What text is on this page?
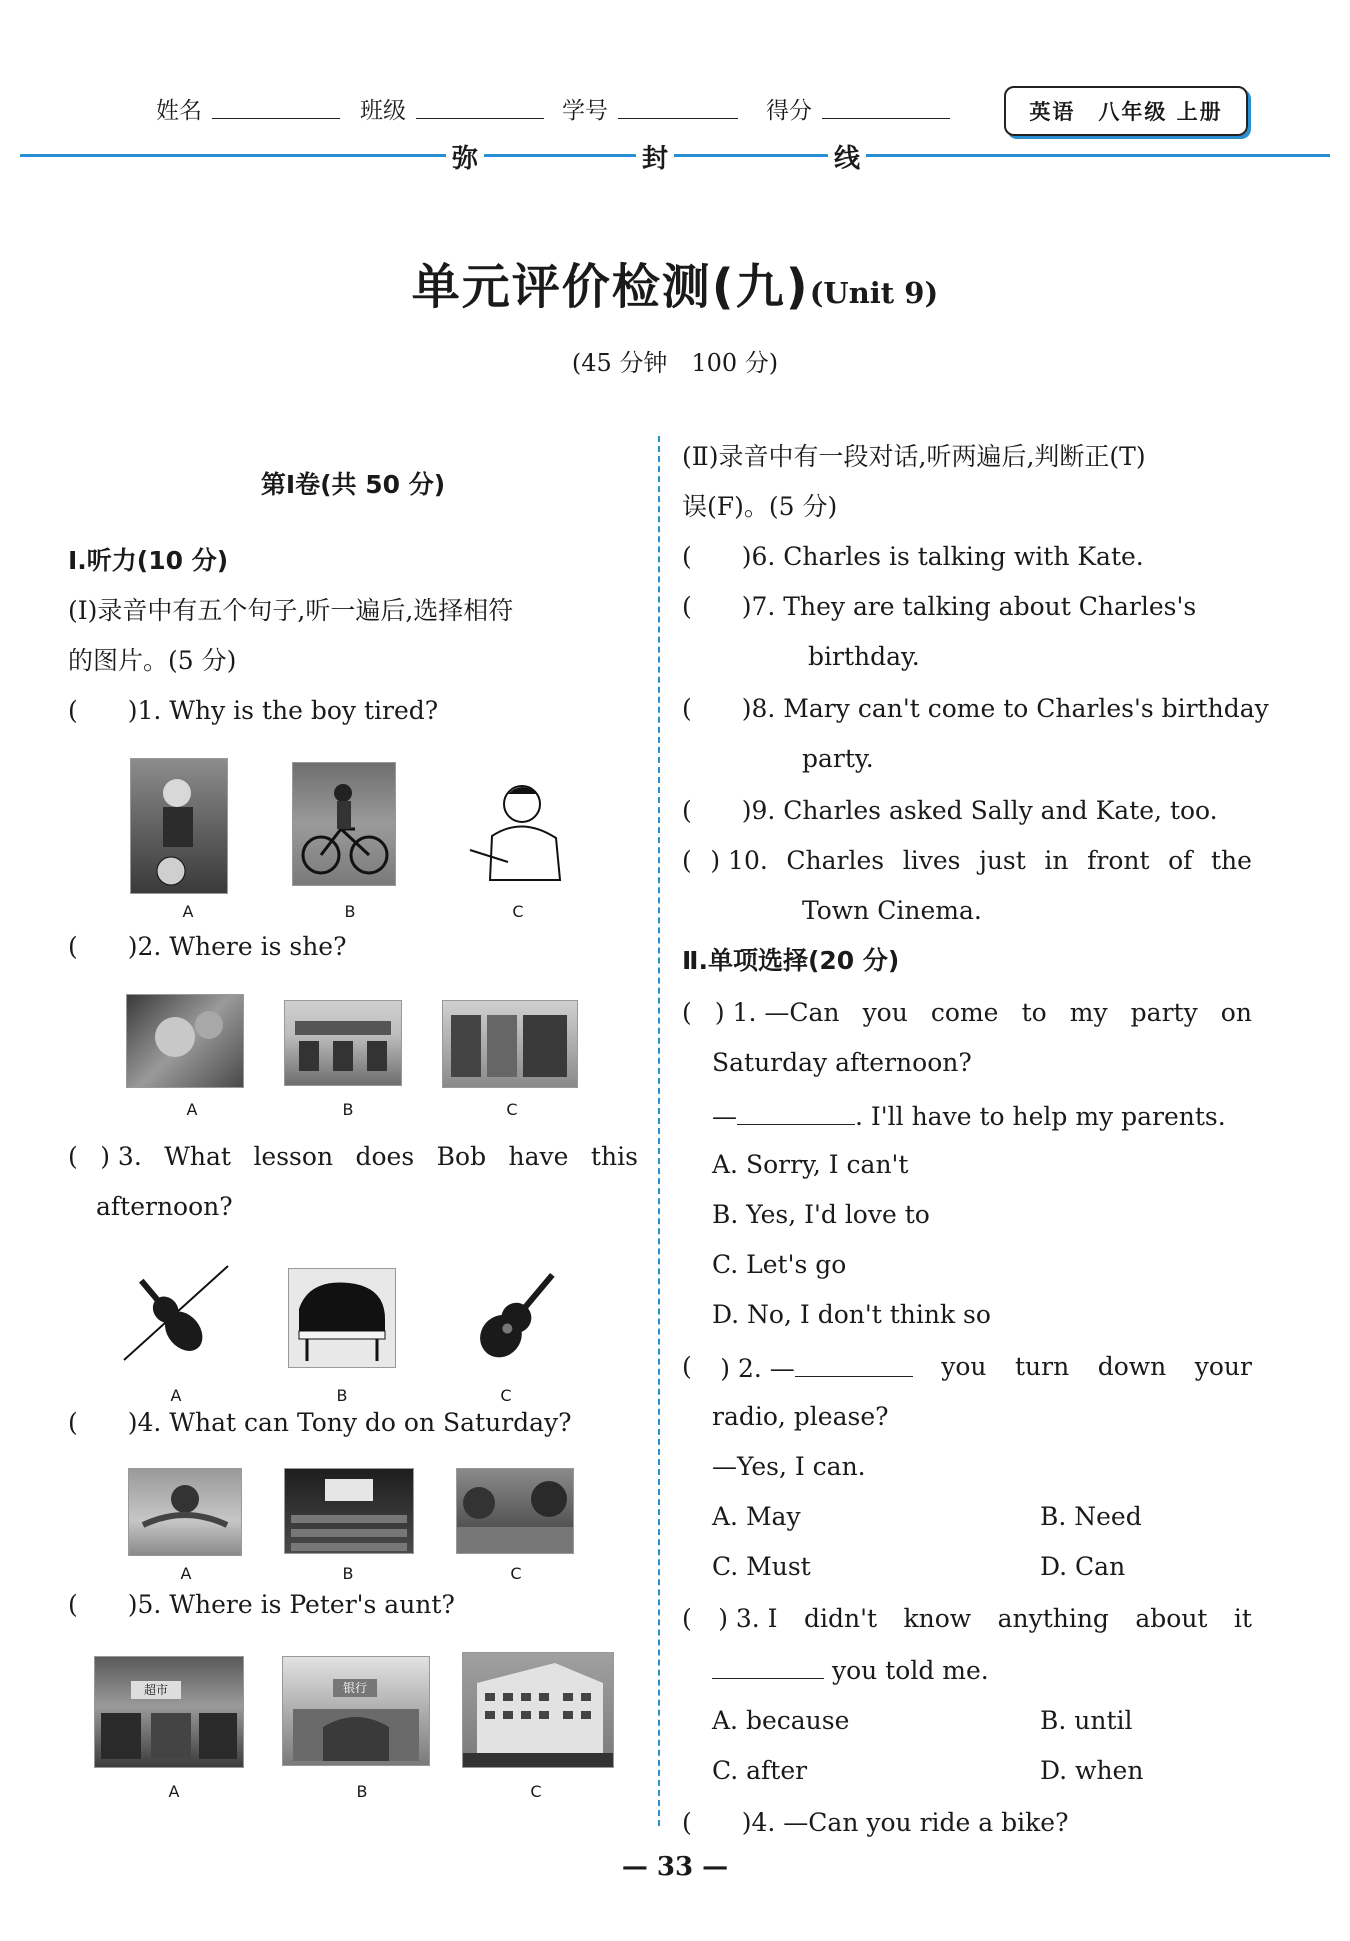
姓名	班级	学号	得分	英语　八年级 上册
弥	封	线
单元评价检测(九)(Unit 9)
(45 分钟　100 分)
第Ⅰ卷(共 50 分)
Ⅰ.听力(10 分)
(Ⅰ)录音中有五个句子,听一遍后,选择相符
的图片。(5 分)
(　　)1. Why is the boy tired?
A	B	C
(　　)2. Where is she?
A	B	C
( ) 3. What lesson does Bob have this
afternoon?
A	B	C
(　　)4. What can Tony do on Saturday?
A	B	C
(　　)5. Where is Peter's aunt?
超市	银行
A	B	C
(Ⅱ)录音中有一段对话,听两遍后,判断正(T)
误(F)。(5 分)
(　　)6. Charles is talking with Kate.
(　　)7. They are talking about Charles's
birthday.
(　　)8. Mary can't come to Charles's birthday
party.
(　　)9. Charles asked Sally and Kate, too.
( ) 10. Charles lives just in front of the
Town Cinema.
Ⅱ.单项选择(20 分)
( ) 1. —Can you come to my party on
Saturday afternoon?
—	. I'll have to help my parents.
A. Sorry, I can't
B. Yes, I'd love to
C. Let's go
D. No, I don't think so
( ) 2. —	you turn down your
radio, please?
—Yes, I can.
A. May	B. Need
C. Must	D. Can
( ) 3. I didn't know anything about it
you told me.
A. because	B. until
C. after	D. when
(　　)4. —Can you ride a bike?
— 33 —
